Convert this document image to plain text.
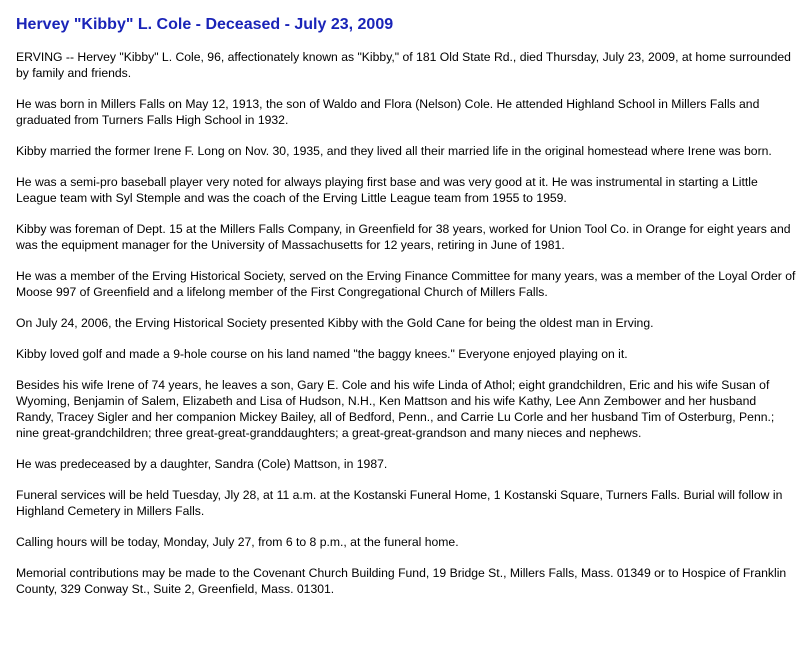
Hervey "Kibby" L. Cole - Deceased - July 23, 2009

ERVING -- Hervey "Kibby" L. Cole, 96, affectionately known as "Kibby," of 181 Old State Rd., died Thursday, July 23, 2009, at home surrounded by family and friends.

He was born in Millers Falls on May 12, 1913, the son of Waldo and Flora (Nelson) Cole. He attended Highland School in Millers Falls and graduated from Turners Falls High School in 1932.

Kibby married the former Irene F. Long on Nov. 30, 1935, and they lived all their married life in the original homestead where Irene was born.

He was a semi-pro baseball player very noted for always playing first base and was very good at it. He was instrumental in starting a Little League team with Syl Stemple and was the coach of the Erving Little League team from 1955 to 1959.

Kibby was foreman of Dept. 15 at the Millers Falls Company, in Greenfield for 38 years, worked for Union Tool Co. in Orange for eight years and was the equipment manager for the University of Massachusetts for 12 years, retiring in June of 1981.

He was a member of the Erving Historical Society, served on the Erving Finance Committee for many years, was a member of the Loyal Order of Moose 997 of Greenfield and a lifelong member of the First Congregational Church of Millers Falls.

On July 24, 2006, the Erving Historical Society presented Kibby with the Gold Cane for being the oldest man in Erving.

Kibby loved golf and made a 9-hole course on his land named "the baggy knees." Everyone enjoyed playing on it.

Besides his wife Irene of 74 years, he leaves a son, Gary E. Cole and his wife Linda of Athol; eight grandchildren, Eric and his wife Susan of Wyoming, Benjamin of Salem, Elizabeth and Lisa of Hudson, N.H., Ken Mattson and his wife Kathy, Lee Ann Zembower and her husband Randy, Tracey Sigler and her companion Mickey Bailey, all of Bedford, Penn., and Carrie Lu Corle and her husband Tim of Osterburg, Penn.; nine great-grandchildren; three great-great-granddaughters; a great-great-grandson and many nieces and nephews.

He was predeceased by a daughter, Sandra (Cole) Mattson, in 1987.

Funeral services will be held Tuesday, Jly 28, at 11 a.m. at the Kostanski Funeral Home, 1 Kostanski Square, Turners Falls. Burial will follow in Highland Cemetery in Millers Falls.

Calling hours will be today, Monday, July 27, from 6 to 8 p.m., at the funeral home.

Memorial contributions may be made to the Covenant Church Building Fund, 19 Bridge St., Millers Falls, Mass. 01349 or to Hospice of Franklin County, 329 Conway St., Suite 2, Greenfield, Mass. 01301.
